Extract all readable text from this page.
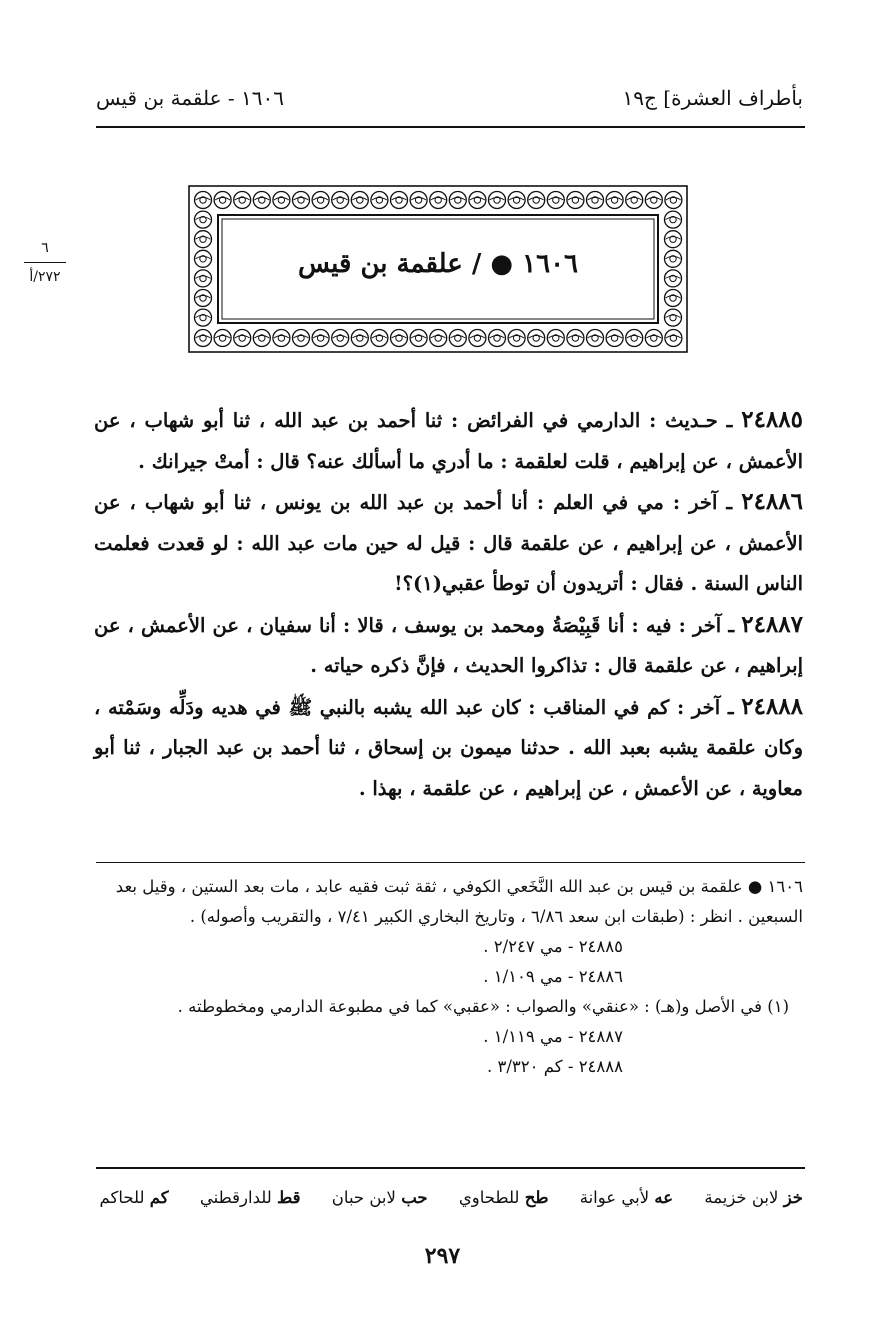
بأطراف العشرة] ج١٩
١٦٠٦ - علقمة بن قيس
٦
٢٧٢/أ	١٦٠٦ ● / علقمة بن قيس

٢٤٨٨٥ ـ حـديث : الدارمي في الفرائض : ثنا أحمد بن عبد الله ، ثنا أبو شهاب ، عن الأعمش ، عن إبراهيم ، قلت لعلقمة : ما أدري ما أسألك عنه؟ قال : أمتْ جيرانك .

٢٤٨٨٦ ـ آخر : مي في العلم : أنا أحمد بن عبد الله بن يونس ، ثنا أبو شهاب ، عن الأعمش ، عن إبراهيم ، عن علقمة قال : قيل له حين مات عبد الله : لو قعدت فعلمت الناس السنة . فقال : أتريدون أن توطأ عقبي(١)؟!

٢٤٨٨٧ ـ آخر : فيه : أنا قَبِيْصَةُ ومحمد بن يوسف ، قالا : أنا سفيان ، عن الأعمش ، عن إبراهيم ، عن علقمة قال : تذاكروا الحديث ، فإنَّ ذكره حياته .

٢٤٨٨٨ ـ آخر : كم في المناقب : كان عبد الله يشبه بالنبي ﷺ في هديه ودَلِّه وسَمْته ، وكان علقمة يشبه بعبد الله . حدثنا ميمون بن إسحاق ، ثنا أحمد بن عبد الجبار ، ثنا أبو معاوية ، عن الأعمش ، عن إبراهيم ، عن علقمة ، بهذا .

١٦٠٦ ● علقمة بن قيس بن عبد الله النَّخَعي الكوفي ، ثقة ثبت فقيه عابد ، مات بعد الستين ، وقيل بعد السبعين . انظر : (طبقات ابن سعد ٦/٨٦ ، وتاريخ البخاري الكبير ٧/٤١ ، والتقريب وأصوله) .

٢٤٨٨٥ - مي ٢/٢٤٧ .

٢٤٨٨٦ - مي ١/١٠٩ .

(١) في الأصل و(هـ) : «عنقي» والصواب : «عقبي» كما في مطبوعة الدارمي ومخطوطته .

٢٤٨٨٧ - مي ١/١١٩ .

٢٤٨٨٨ - كم ٣/٣٢٠ .

خز لابن خزيمة عه لأبي عوانة طح للطحاوي حب لابن حبان قط للدارقطني كم للحاكم
٢٩٧
